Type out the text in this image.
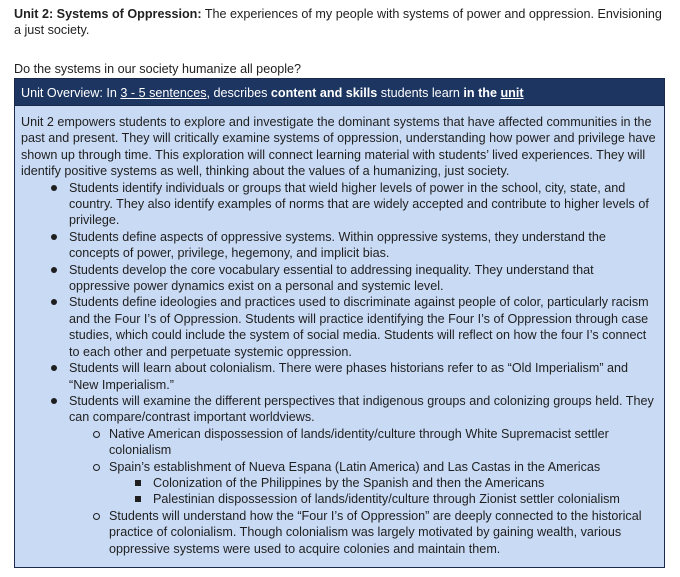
Unit 2: Systems of Oppression: The experiences of my people with systems of power and oppression. Envisioning a just society.
Do the systems in our society humanize all people?
Unit Overview: In 3 - 5 sentences, describes content and skills students learn in the unit

Unit 2 empowers students to explore and investigate the dominant systems that have affected communities in the past and present. They will critically examine systems of oppression, understanding how power and privilege have shown up through time. This exploration will connect learning material with students’ lived experiences. They will identify positive systems as well, thinking about the values of a humanizing, just society.

Students identify individuals or groups that wield higher levels of power in the school, city, state, and country. They also identify examples of norms that are widely accepted and contribute to higher levels of privilege.
Students define aspects of oppressive systems. Within oppressive systems, they understand the concepts of power, privilege, hegemony, and implicit bias.
Students develop the core vocabulary essential to addressing inequality. They understand that oppressive power dynamics exist on a personal and systemic level.
Students define ideologies and practices used to discriminate against people of color, particularly racism and the Four I’s of Oppression. Students will practice identifying the Four I’s of Oppression through case studies, which could include the system of social media. Students will reflect on how the four I’s connect to each other and perpetuate systemic oppression.
Students will learn about colonialism. There were phases historians refer to as “Old Imperialism” and “New Imperialism.”
Students will examine the different perspectives that indigenous groups and colonizing groups held. They can compare/contrast important worldviews.
Native American dispossession of lands/identity/culture through White Supremacist settler colonialism
Spain’s establishment of Nueva Espana (Latin America) and Las Castas in the Americas
Colonization of the Philippines by the Spanish and then the Americans
Palestinian dispossession of lands/identity/culture through Zionist settler colonialism
Students will understand how the “Four I’s of Oppression” are deeply connected to the historical practice of colonialism. Though colonialism was largely motivated by gaining wealth, various oppressive systems were used to acquire colonies and maintain them.
